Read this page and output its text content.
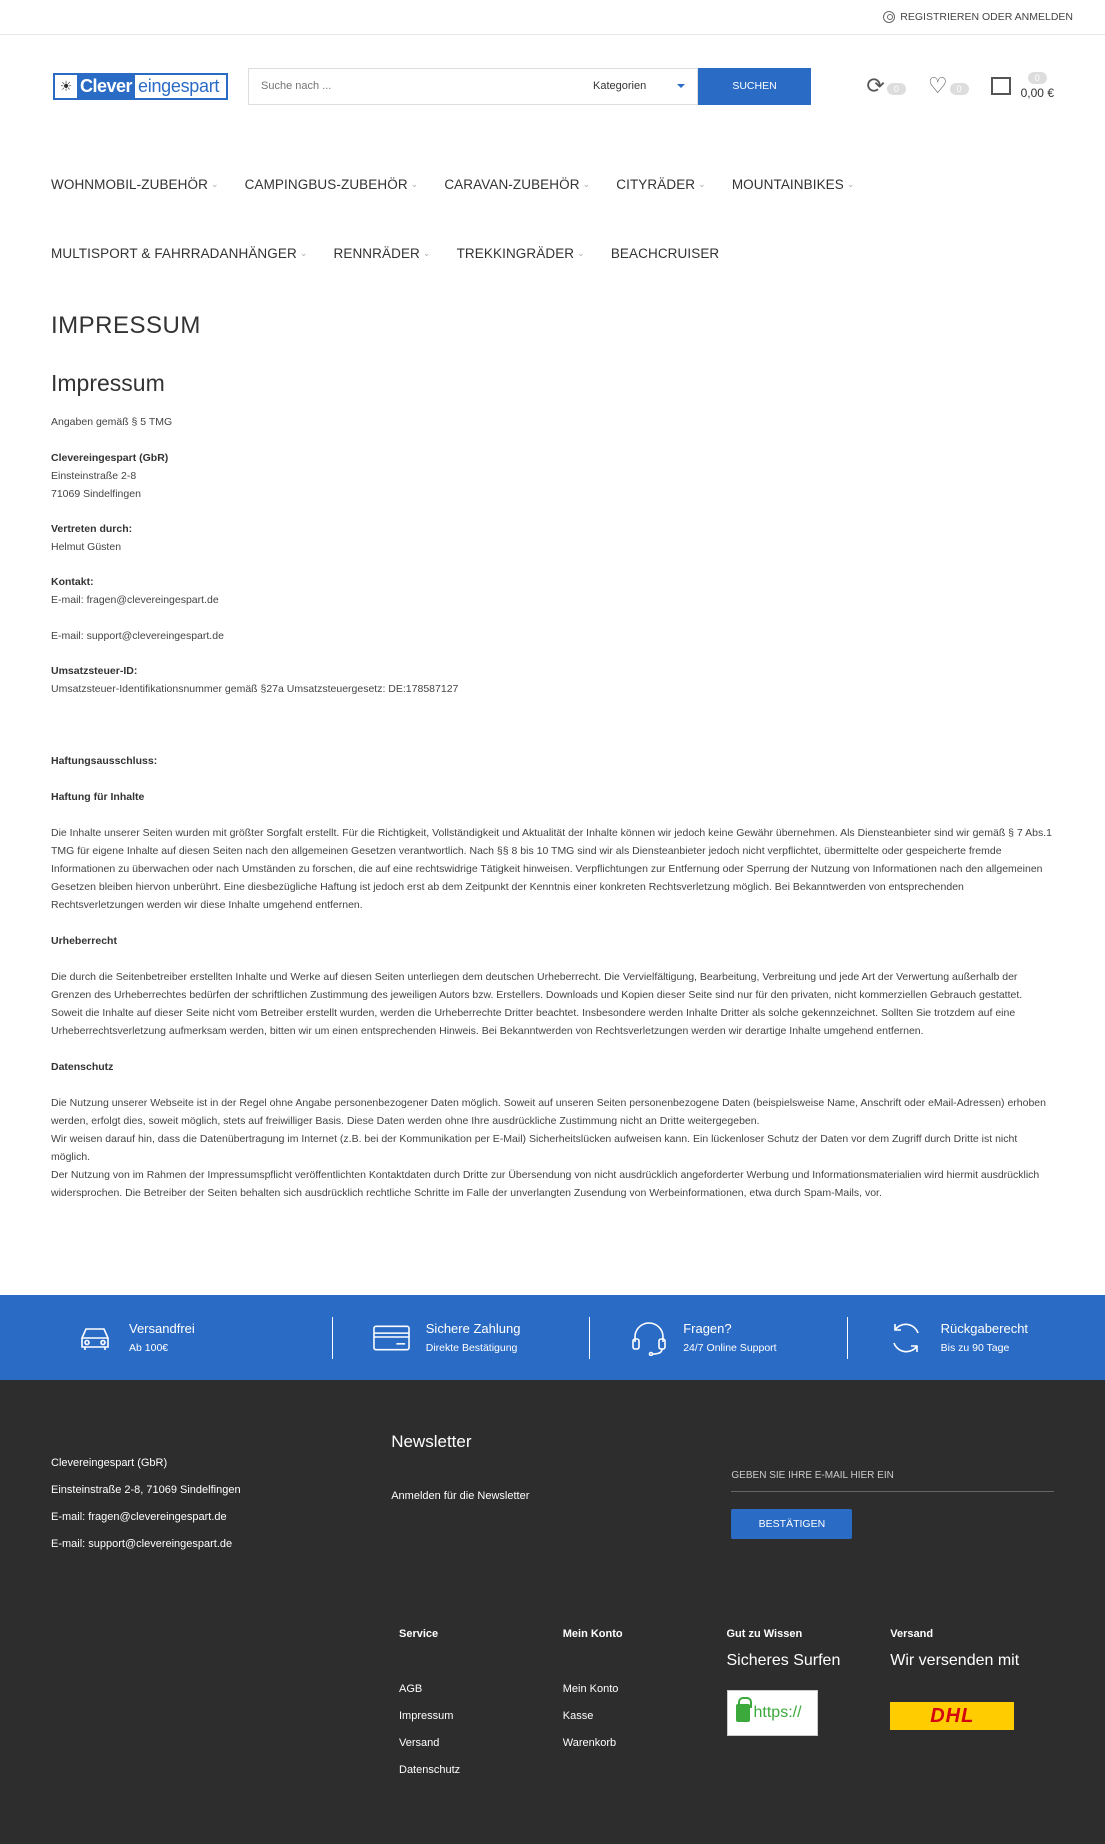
REGISTRIEREN ODER ANMELDEN
☀ Clever eingespart
Suche nach ...	Kategorien	SUCHEN	⟳	0	♡	0
0
0,00 €
WOHNMOBIL-ZUBEHÖR ⌄ CAMPINGBUS-ZUBEHÖR ⌄ CARAVAN-ZUBEHÖR ⌄ CITYRÄDER ⌄ MOUNTAINBIKES ⌄
MULTISPORT & FAHRRADANHÄNGER ⌄ RENNRÄDER ⌄ TREKKINGRÄDER ⌄ BEACHCRUISER
IMPRESSUM
Impressum

Angaben gemäß § 5 TMG

Clevereingespart (GbR)

Einsteinstraße 2-8

71069 Sindelfingen

Vertreten durch:

Helmut Güsten

Kontakt:

E-mail: fragen@clevereingespart.de

E-mail: support@clevereingespart.de

Umsatzsteuer-ID:

Umsatzsteuer-Identifikationsnummer gemäß §27a Umsatzsteuergesetz: DE:178587127

Haftungsausschluss:

Haftung für Inhalte

Die Inhalte unserer Seiten wurden mit größter Sorgfalt erstellt. Für die Richtigkeit, Vollständigkeit und Aktualität der Inhalte können wir jedoch keine Gewähr übernehmen. Als Diensteanbieter sind wir gemäß § 7 Abs.1 TMG für eigene Inhalte auf diesen Seiten nach den allgemeinen Gesetzen verantwortlich. Nach §§ 8 bis 10 TMG sind wir als Diensteanbieter jedoch nicht verpflichtet, übermittelte oder gespeicherte fremde Informationen zu überwachen oder nach Umständen zu forschen, die auf eine rechtswidrige Tätigkeit hinweisen. Verpflichtungen zur Entfernung oder Sperrung der Nutzung von Informationen nach den allgemeinen Gesetzen bleiben hiervon unberührt. Eine diesbezügliche Haftung ist jedoch erst ab dem Zeitpunkt der Kenntnis einer konkreten Rechtsverletzung möglich. Bei Bekanntwerden von entsprechenden Rechtsverletzungen werden wir diese Inhalte umgehend entfernen.

Urheberrecht

Die durch die Seitenbetreiber erstellten Inhalte und Werke auf diesen Seiten unterliegen dem deutschen Urheberrecht. Die Vervielfältigung, Bearbeitung, Verbreitung und jede Art der Verwertung außerhalb der Grenzen des Urheberrechtes bedürfen der schriftlichen Zustimmung des jeweiligen Autors bzw. Erstellers. Downloads und Kopien dieser Seite sind nur für den privaten, nicht kommerziellen Gebrauch gestattet. Soweit die Inhalte auf dieser Seite nicht vom Betreiber erstellt wurden, werden die Urheberrechte Dritter beachtet. Insbesondere werden Inhalte Dritter als solche gekennzeichnet. Sollten Sie trotzdem auf eine Urheberrechtsverletzung aufmerksam werden, bitten wir um einen entsprechenden Hinweis. Bei Bekanntwerden von Rechtsverletzungen werden wir derartige Inhalte umgehend entfernen.

Datenschutz

Die Nutzung unserer Webseite ist in der Regel ohne Angabe personenbezogener Daten möglich. Soweit auf unseren Seiten personenbezogene Daten (beispielsweise Name, Anschrift oder eMail-Adressen) erhoben werden, erfolgt dies, soweit möglich, stets auf freiwilliger Basis. Diese Daten werden ohne Ihre ausdrückliche Zustimmung nicht an Dritte weitergegeben.

Wir weisen darauf hin, dass die Datenübertragung im Internet (z.B. bei der Kommunikation per E-Mail) Sicherheitslücken aufweisen kann. Ein lückenloser Schutz der Daten vor dem Zugriff durch Dritte ist nicht möglich.

Der Nutzung von im Rahmen der Impressumspflicht veröffentlichten Kontaktdaten durch Dritte zur Übersendung von nicht ausdrücklich angeforderter Werbung und Informationsmaterialien wird hiermit ausdrücklich widersprochen. Die Betreiber der Seiten behalten sich ausdrücklich rechtliche Schritte im Falle der unverlangten Zusendung von Werbeinformationen, etwa durch Spam-Mails, vor.

Versandfrei
Ab 100€
Sichere Zahlung
Direkte Bestätigung
Fragen?
24/7 Online Support
Rückgaberecht
Bis zu 90 Tage
Clevereingespart (GbR)
Einsteinstraße 2-8, 71069 Sindelfingen
E-mail: fragen@clevereingespart.de
E-mail: support@clevereingespart.de
Newsletter
Anmelden für die Newsletter
GEBEN SIE IHRE E-MAIL HIER EIN
BESTÄTIGEN
Service
AGB
Impressum
Versand
Datenschutz
Mein Konto
Mein Konto
Kasse
Warenkorb
Gut zu Wissen
Sicheres Surfen
https://
Versand
Wir versenden mit
DHL
